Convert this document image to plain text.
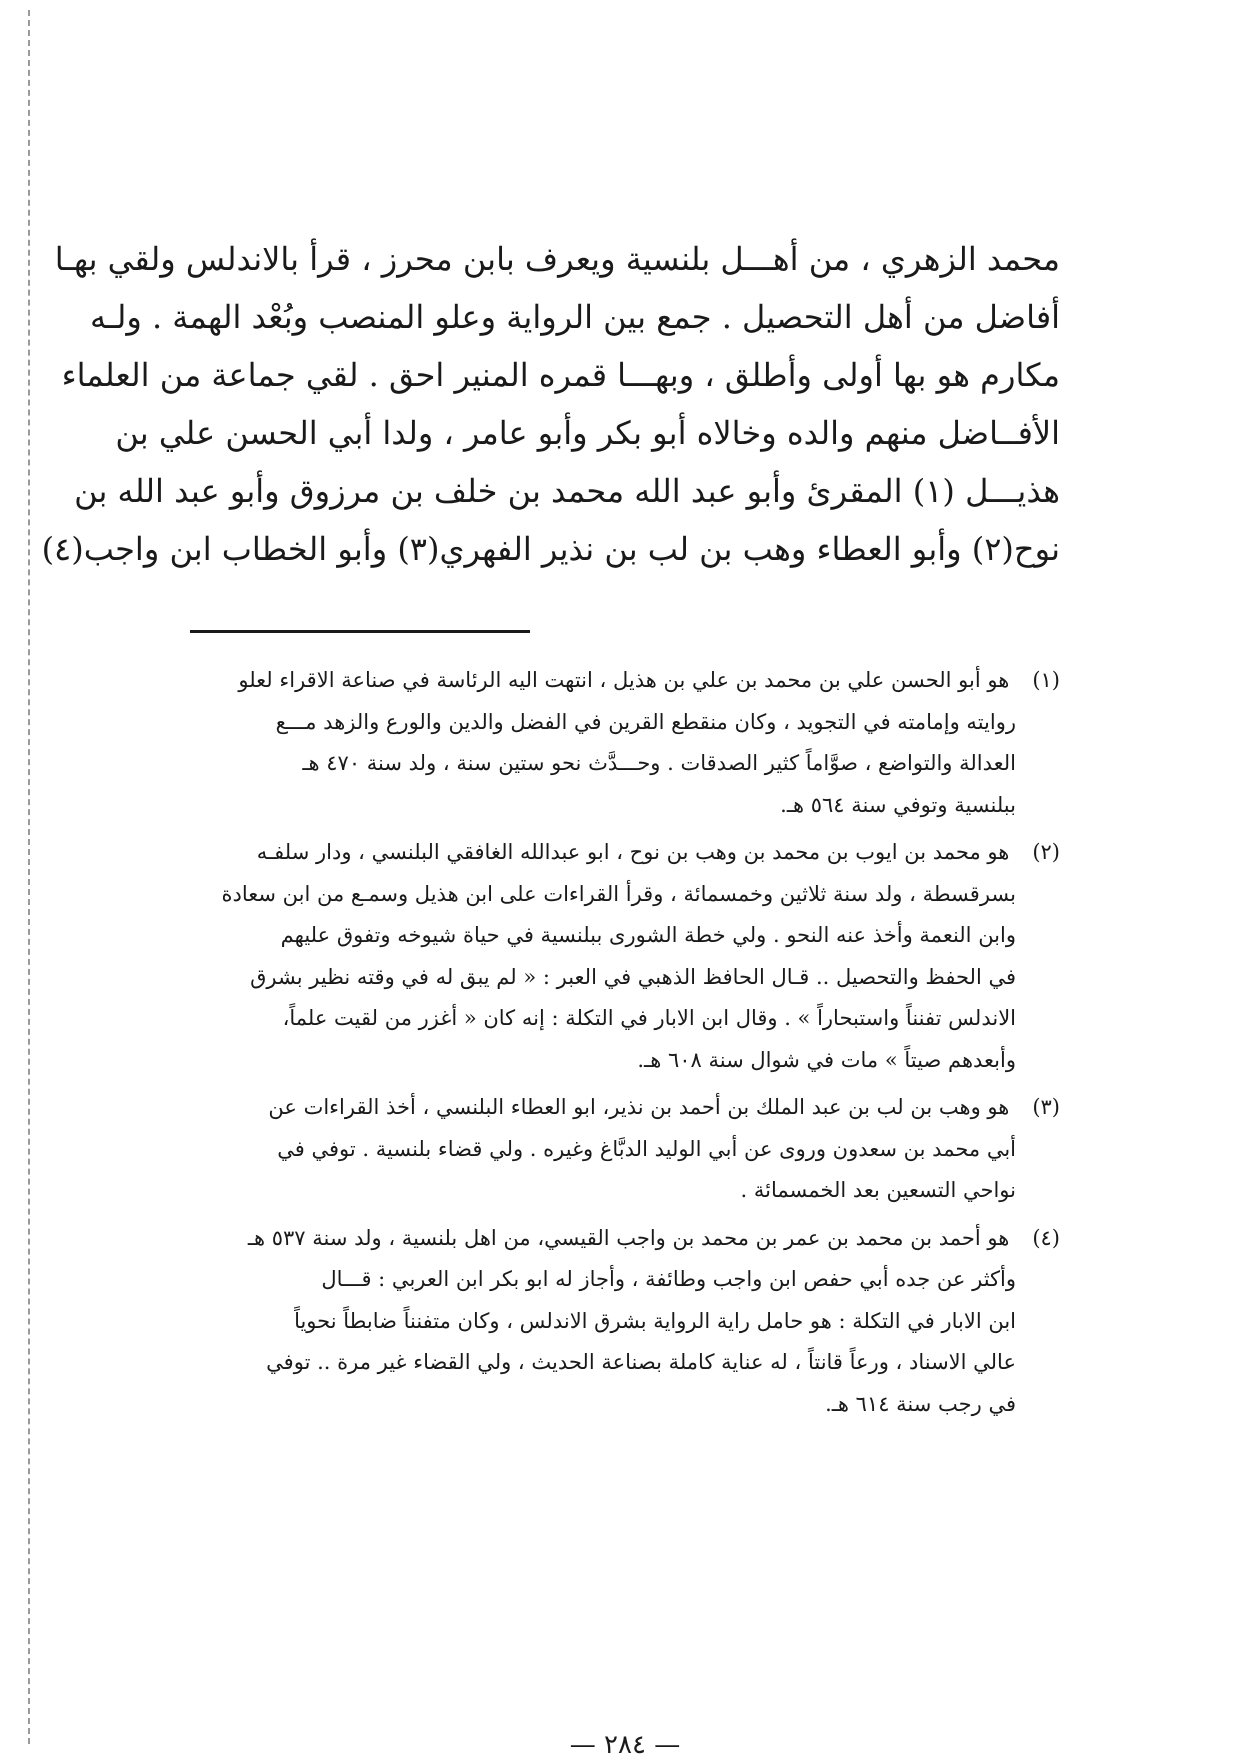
محمد الزهري ، من أهـــل بلنسية ويعرف بابن محرز ، قرأ بالاندلس ولقي بهـا
أفاضل من أهل التحصيل . جمع بين الرواية وعلو المنصب وبُعْد الهمة . ولـه
مكارم هو بها أولى وأطلق ، وبهـــا قمره المنير احق . لقي جماعة من العلماء
الأفــاضل منهم والده وخالاه أبو بكر وأبو عامر ، ولدا أبي الحسن علي بن
هذيـــل (١) المقرئ وأبو عبد الله محمد بن خلف بن مرزوق وأبو عبد الله بن
نوح(٢) وأبو العطاء وهب بن لب بن نذير الفهري(٣) وأبو الخطاب ابن واجب(٤)
(١) هو أبو الحسن علي بن محمد بن علي بن هذيل ، انتهت اليه الرئاسة في صناعة الاقراء لعلو
روايته وإمامته في التجويد ، وكان منقطع القرين في الفضل والدين والورع والزهد مـــع
العدالة والتواضع ، صوَّاماً كثير الصدقات . وحـــدَّث نحو ستين سنة ، ولد سنة ٤٧٠ هـ
ببلنسية وتوفي سنة ٥٦٤ هـ.
(٢) هو محمد بن ايوب بن محمد بن وهب بن نوح ، ابو عبدالله الغافقي البلنسي ، ودار سلفـه
بسرقسطة ، ولد سنة ثلاثين وخمسمائة ، وقرأ القراءات على ابن هذيل وسمـع من ابن سعادة
وابن النعمة وأخذ عنه النحو . ولي خطة الشورى ببلنسية في حياة شيوخه وتفوق عليهم
في الحفظ والتحصيل .. قـال الحافظ الذهبي في العبر : « لم يبق له في وقته نظير بشرق
الاندلس تفنناً واستبحاراً » . وقال ابن الابار في التكلة : إنه كان « أغزر من لقيت علماً،
وأبعدهم صيتاً » مات في شوال سنة ٦٠٨ هـ.
(٣) هو وهب بن لب بن عبد الملك بن أحمد بن نذير، ابو العطاء البلنسي ، أخذ القراءات عن
أبي محمد بن سعدون وروى عن أبي الوليد الدبَّاغ وغيره . ولي قضاء بلنسية . توفي في
نواحي التسعين بعد الخمسمائة .
(٤) هو أحمد بن محمد بن عمر بن محمد بن واجب القيسي، من اهل بلنسية ، ولد سنة ٥٣٧ هـ
وأكثر عن جده أبي حفص ابن واجب وطائفة ، وأجاز له ابو بكر ابن العربي : قـــال
ابن الابار في التكلة : هو حامل راية الرواية بشرق الاندلس ، وكان متفنناً ضابطاً نحوياً
عالي الاسناد ، ورعاً قانتاً ، له عناية كاملة بصناعة الحديث ، ولي القضاء غير مرة .. توفي
في رجب سنة ٦١٤ هـ.
— ٢٨٤ —
